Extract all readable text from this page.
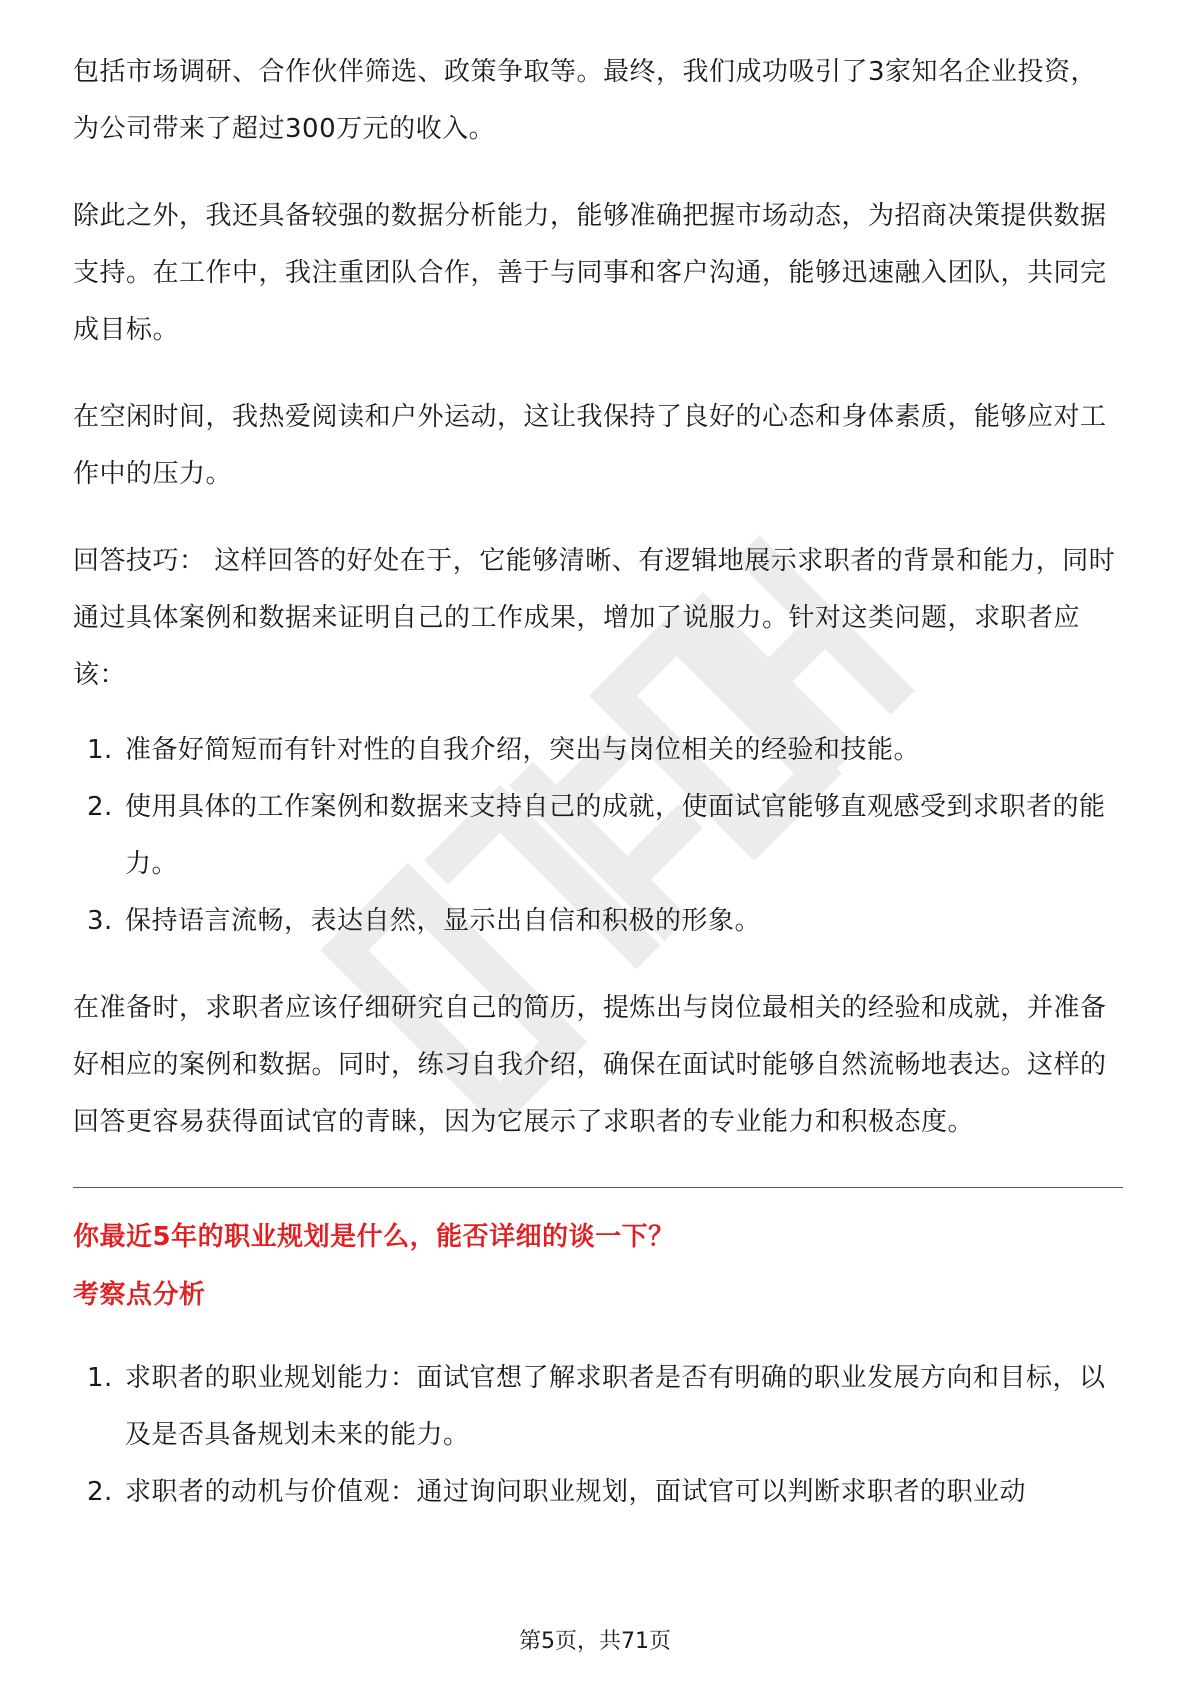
包括市场调研、合作伙伴筛选、政策争取等。最终，我们成功吸引了3家知名企业投资，为公司带来了超过300万元的收入。

除此之外，我还具备较强的数据分析能力，能够准确把握市场动态，为招商决策提供数据支持。在工作中，我注重团队合作，善于与同事和客户沟通，能够迅速融入团队，共同完成目标。

在空闲时间，我热爱阅读和户外运动，这让我保持了良好的心态和身体素质，能够应对工作中的压力。

回答技巧： 这样回答的好处在于，它能够清晰、有逻辑地展示求职者的背景和能力，同时通过具体案例和数据来证明自己的工作成果，增加了说服力。针对这类问题，求职者应该：

1. 准备好简短而有针对性的自我介绍，突出与岗位相关的经验和技能。
2. 使用具体的工作案例和数据来支持自己的成就，使面试官能够直观感受到求职者的能力。
3. 保持语言流畅，表达自然，显示出自信和积极的形象。

在准备时，求职者应该仔细研究自己的简历，提炼出与岗位最相关的经验和成就，并准备好相应的案例和数据。同时，练习自我介绍，确保在面试时能够自然流畅地表达。这样的回答更容易获得面试官的青睐，因为它展示了求职者的专业能力和积极态度。

你最近5年的职业规划是什么，能否详细的谈一下？
考察点分析
1. 求职者的职业规划能力：面试官想了解求职者是否有明确的职业发展方向和目标，以及是否具备规划未来的能力。
2. 求职者的动机与价值观：通过询问职业规划，面试官可以判断求职者的职业动
第5页，共71页
